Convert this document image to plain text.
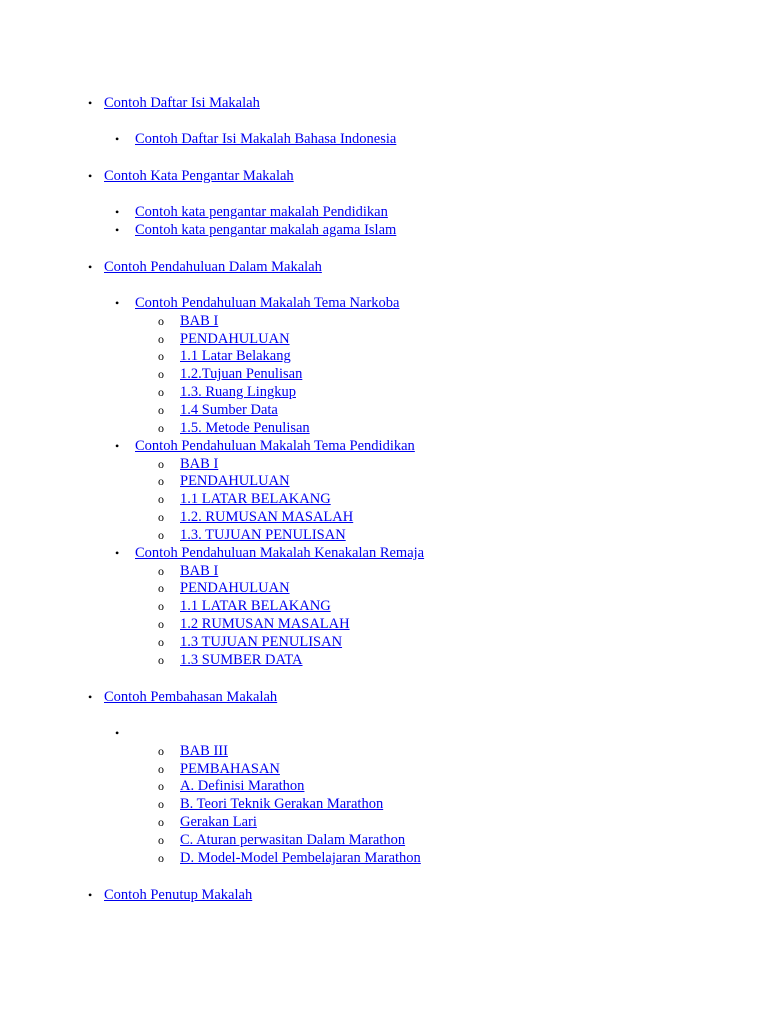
• Contoh Daftar Isi Makalah
• Contoh Daftar Isi Makalah Bahasa Indonesia
• Contoh Kata Pengantar Makalah
• Contoh kata pengantar makalah Pendidikan
• Contoh kata pengantar makalah agama Islam
• Contoh Pendahuluan Dalam Makalah
• Contoh Pendahuluan Makalah Tema Narkoba
o BAB I
o PENDAHULUAN
o 1.1 Latar Belakang
o 1.2.Tujuan Penulisan
o 1.3. Ruang Lingkup
o 1.4 Sumber Data
o 1.5. Metode Penulisan
• Contoh Pendahuluan Makalah Tema Pendidikan
o BAB I
o PENDAHULUAN
o 1.1 LATAR BELAKANG
o 1.2. RUMUSAN MASALAH
o 1.3. TUJUAN PENULISAN
• Contoh Pendahuluan Makalah Kenakalan Remaja
o BAB I
o PENDAHULUAN
o 1.1 LATAR BELAKANG
o 1.2 RUMUSAN MASALAH
o 1.3 TUJUAN PENULISAN
o 1.3 SUMBER DATA
• Contoh Pembahasan Makalah
•
o BAB III
o PEMBAHASAN
o A. Definisi Marathon
o B. Teori Teknik Gerakan Marathon
o Gerakan Lari
o C. Aturan perwasitan Dalam Marathon
o D. Model-Model Pembelajaran Marathon
• Contoh Penutup Makalah
